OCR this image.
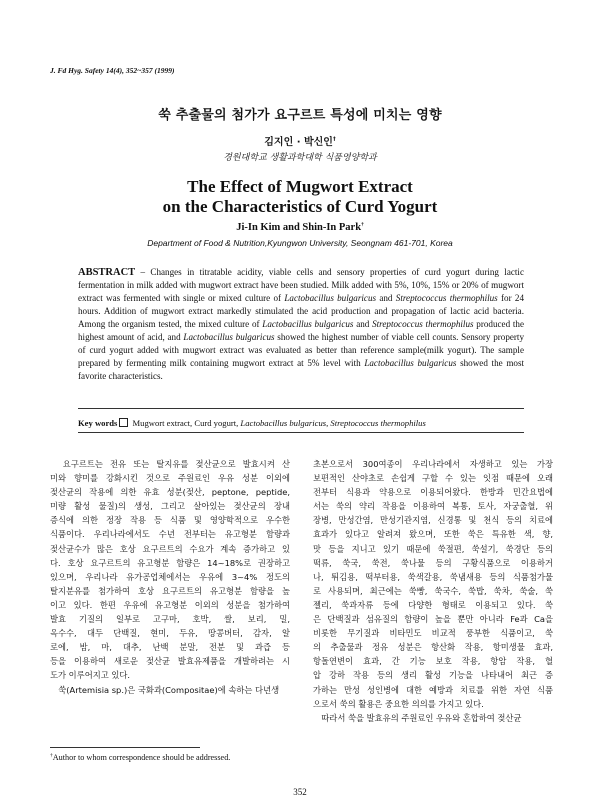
J. Fd Hyg. Safety 14(4), 352~357 (1999)
쑥 추출물의 첨가가 요구르트 특성에 미치는 영향
김지인 · 박신인†
경원대학교 생활과학대학 식품영양학과
The Effect of Mugwort Extract
on the Characteristics of Curd Yogurt
Ji-In Kim and Shin-In Park†
Department of Food & Nutrition,Kyungwon University, Seongnam 461-701, Korea
ABSTRACT – Changes in titratable acidity, viable cells and sensory properties of curd yogurt during lactic fermentation in milk added with mugwort extract have been studied. Milk added with 5%, 10%, 15% or 20% of mugwort extract was fermented with single or mixed culture of Lactobacillus bulgaricus and Streptococcus thermophilus for 24 hours. Addition of mugwort extract markedly stimulated the acid production and propagation of lactic acid bacteria. Among the organism tested, the mixed culture of Lactobacillus bulgaricus and Streptococcus thermophilus produced the highest amount of acid, and Lactobacillus bulgaricus showed the highest number of viable cell counts. Sensory property of curd yogurt added with mugwort extract was evaluated as better than reference sample(milk yogurt). The sample prepared by fermenting milk containing mugwort extract at 5% level with Lactobacillus bulgaricus showed the most favorite characteristics.
Key words Mugwort extract, Curd yogurt, Lactobacillus bulgaricus, Streptococcus thermophilus
　요구르트는 전유 또는 탈지유를 젖산균으로 발효시켜 산
미와 향미를 강화시킨 것으로 주원료인 우유 성분 이외에
젖산균의 작용에 의한 유효 성분(젖산, peptone, peptide,
미량 활성 물질)의 생성, 그리고 살아있는 젖산균의 장내
증식에 의한 정장 작용 등 식품 및 영양학적으로 우수한
식품이다. 우리나라에서도 수년 전부터는 유고형분 함량과
젖산균수가 많은 호상 요구르트의 수요가 계속 증가하고 있
다. 호상 요구르트의 유고형분 함량은 14~18%로 권장하고
있으며, 우리나라 유가공업체에서는 우유에 3~4% 정도의
탈지분유를 첨가하여 호상 요구르트의 유고형분 함량을 높
이고 있다. 한편 우유에 유고형분 이외의 성분을 첨가하여
발효 기질의 일부로 고구마, 호박, 쌀, 보리, 밀,
옥수수, 대두 단백질, 현미, 두유, 땅콩버터, 감자, 알
로에, 밤, 마, 대추, 난백 분말, 전분 및 과즙 등
등을 이용하여 새로운 젖산균 발효유제품을 개발하려는 시
도가 이루어지고 있다.
　쑥(Artemisia sp.)은 국화과(Compositae)에 속하는 다년생
초본으로서 300여종이 우리나라에서 자생하고 있는 가장
보편적인 산야초로 손쉽게 구할 수 있는 잇점 때문에 오래
전부터 식용과 약용으로 이용되어왔다. 한방과 민간요법에
서는 쑥의 약리 작용을 이용하여 복통, 토사, 자궁출혈, 위
장병, 만성간염, 만성기관지염, 신경통 및 천식 등의 치료에
효과가 있다고 알려져 왔으며, 또한 쑥은 특유한 색, 향,
맛 등을 지니고 있기 때문에 쑥절편, 쑥설기, 쑥경단 등의
떡류, 쑥국, 쑥전, 쑥나물 등의 구황식품으로 이용하거
나, 튀김용, 떡부터용, 쑥색갈용, 쑥냄새용 등의 식품첨가물
로 사용되며, 최근에는 쑥빵, 쑥국수, 쑥밥, 쑥차, 쑥술, 쑥
젤리, 쑥과자류 등에 다양한 형태로 이용되고 있다. 쑥
은 단백질과 섬유질의 함량이 높을 뿐만 아니라 Fe과 Ca을
비롯한 무기질과 비타민도 비교적 풍부한 식품이고, 쑥
의 추출물과 정유 성분은 항산화 작용, 항미생물 효과,
항돌연변이 효과, 간 기능 보호 작용, 항암 작용, 혈
압 강하 작용 등의 생리 활성 기능을 나타내어 최근 증
가하는 만성 성인병에 대한 예방과 치료를 위한 자연 식품
으로서 쑥의 활용은 중요한 의의를 가지고 있다.
　따라서 쑥을 발효유의 주원료인 우유와 혼합하여 젖산균
†Author to whom correspondence should be addressed.
352
